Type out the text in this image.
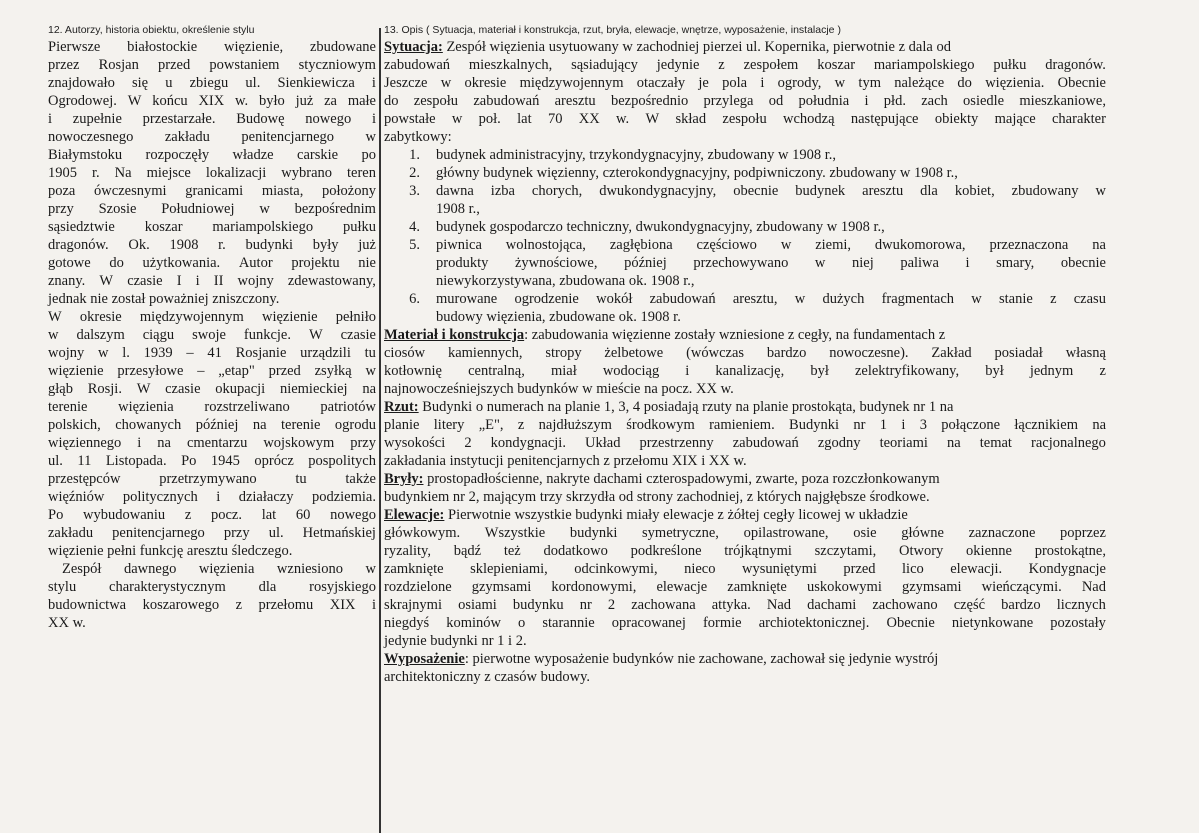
12. Autorzy, historia obiektu, określenie stylu
Pierwsze białostockie więzienie, zbudowane
przez Rosjan przed powstaniem styczniowym
znajdowało się u zbiegu ul. Sienkiewicza i
Ogrodowej. W końcu XIX w. było już za małe
i zupełnie przestarzałe. Budowę nowego i
nowoczesnego zakładu penitencjarnego w
Białymstoku rozpoczęły władze carskie po
1905 r. Na miejsce lokalizacji wybrano teren
poza ówczesnymi granicami miasta, położony
przy Szosie Południowej w bezpośrednim
sąsiedztwie koszar mariampolskiego pułku
dragonów. Ok. 1908 r. budynki były już
gotowe do użytkowania. Autor projektu nie
znany. W czasie I i II wojny zdewastowany,
jednak nie został poważniej zniszczony.
W okresie międzywojennym więzienie pełniło
w dalszym ciągu swoje funkcje. W czasie
wojny w l. 1939 – 41 Rosjanie urządzili tu
więzienie przesyłowe – „etap" przed zsyłką w
głąb Rosji. W czasie okupacji niemieckiej na
terenie więzienia rozstrzeliwano patriotów
polskich, chowanych później na terenie ogrodu
więziennego i na cmentarzu wojskowym przy
ul. 11 Listopada. Po 1945 oprócz pospolitych
przestępców	przetrzymywano	tu	także
więźniów politycznych i działaczy podziemia.
Po wybudowaniu z pocz. lat 60 nowego
zakładu penitencjarnego przy ul. Hetmańskiej
więzienie pełni funkcję aresztu śledczego.
Zespół dawnego więzienia wzniesiono w
stylu charakterystycznym dla rosyjskiego
budownictwa koszarowego z przełomu XIX i
XX w.
13. Opis ( Sytuacja, materiał i konstrukcja, rzut, bryła, elewacje, wnętrze, wyposażenie, instalacje )
Sytuacja: Zespół więzienia usytuowany w zachodniej pierzei ul. Kopernika, pierwotnie z dala od
zabudowań mieszkalnych, sąsiadujący jedynie z zespołem koszar mariampolskiego pułku dragonów.
Jeszcze w okresie międzywojennym otaczały je pola i ogrody, w tym należące do więzienia. Obecnie
do zespołu zabudowań aresztu bezpośrednio przylega od południa i płd. zach osiedle mieszkaniowe,
powstałe w poł. lat 70 XX w. W skład zespołu wchodzą następujące obiekty mające charakter
zabytkowy:
1.	budynek administracyjny, trzykondygnacyjny, zbudowany w 1908 r.,
2.	główny budynek więzienny, czterokondygnacyjny, podpiwniczony. zbudowany w 1908 r.,
3.	dawna izba chorych, dwukondygnacyjny, obecnie budynek aresztu dla kobiet, zbudowany w
1908 r.,
4.	budynek gospodarczo techniczny, dwukondygnacyjny, zbudowany w 1908 r.,
5.	piwnica wolnostojąca, zagłębiona częściowo w ziemi, dwukomorowa, przeznaczona na
produkty żywnościowe, później przechowywano w niej paliwa i smary, obecnie
niewykorzystywana, zbudowana ok. 1908 r.,
6.	murowane ogrodzenie wokół zabudowań aresztu, w dużych fragmentach w stanie z czasu
budowy więzienia, zbudowane ok. 1908 r.
Materiał i konstrukcja: zabudowania więzienne zostały wzniesione z cegły, na fundamentach z
ciosów kamiennych, stropy żelbetowe (wówczas bardzo nowoczesne). Zakład posiadał własną
kotłownię centralną, miał wodociąg i kanalizację, był zelektryfikowany, był jednym z
najnowocześniejszych budynków w mieście na pocz. XX w.
Rzut: Budynki o numerach na planie 1, 3, 4 posiadają rzuty na planie prostokąta, budynek nr 1 na
planie litery „E", z najdłuższym środkowym ramieniem. Budynki nr 1 i 3 połączone łącznikiem na
wysokości 2 kondygnacji. Układ przestrzenny zabudowań zgodny teoriami na temat racjonalnego
zakładania instytucji penitencjarnych z przełomu XIX i XX w.
Bryły: prostopadłościenne, nakryte dachami czterospadowymi, zwarte, poza rozczłonkowanym
budynkiem nr 2, mającym trzy skrzydła od strony zachodniej, z których najgłębsze środkowe.
Elewacje: Pierwotnie wszystkie budynki miały elewacje z żółtej cegły licowej w układzie
główkowym. Wszystkie budynki symetryczne, opilastrowane, osie główne zaznaczone poprzez
ryzality, bądź też dodatkowo podkreślone trójkątnymi szczytami, Otwory okienne prostokątne,
zamknięte sklepieniami, odcinkowymi, nieco wysuniętymi przed lico elewacji. Kondygnacje
rozdzielone gzymsami kordonowymi, elewacje zamknięte uskokowymi gzymsami wieńczącymi. Nad
skrajnymi osiami budynku nr 2 zachowana attyka. Nad dachami zachowano część bardzo licznych
niegdyś kominów o starannie opracowanej formie archiotektonicznej. Obecnie nietynkowane pozostały
jedynie budynki nr 1 i 2.
Wyposażenie: pierwotne wyposażenie budynków nie zachowane, zachował się jedynie wystrój
architektoniczny z czasów budowy.
